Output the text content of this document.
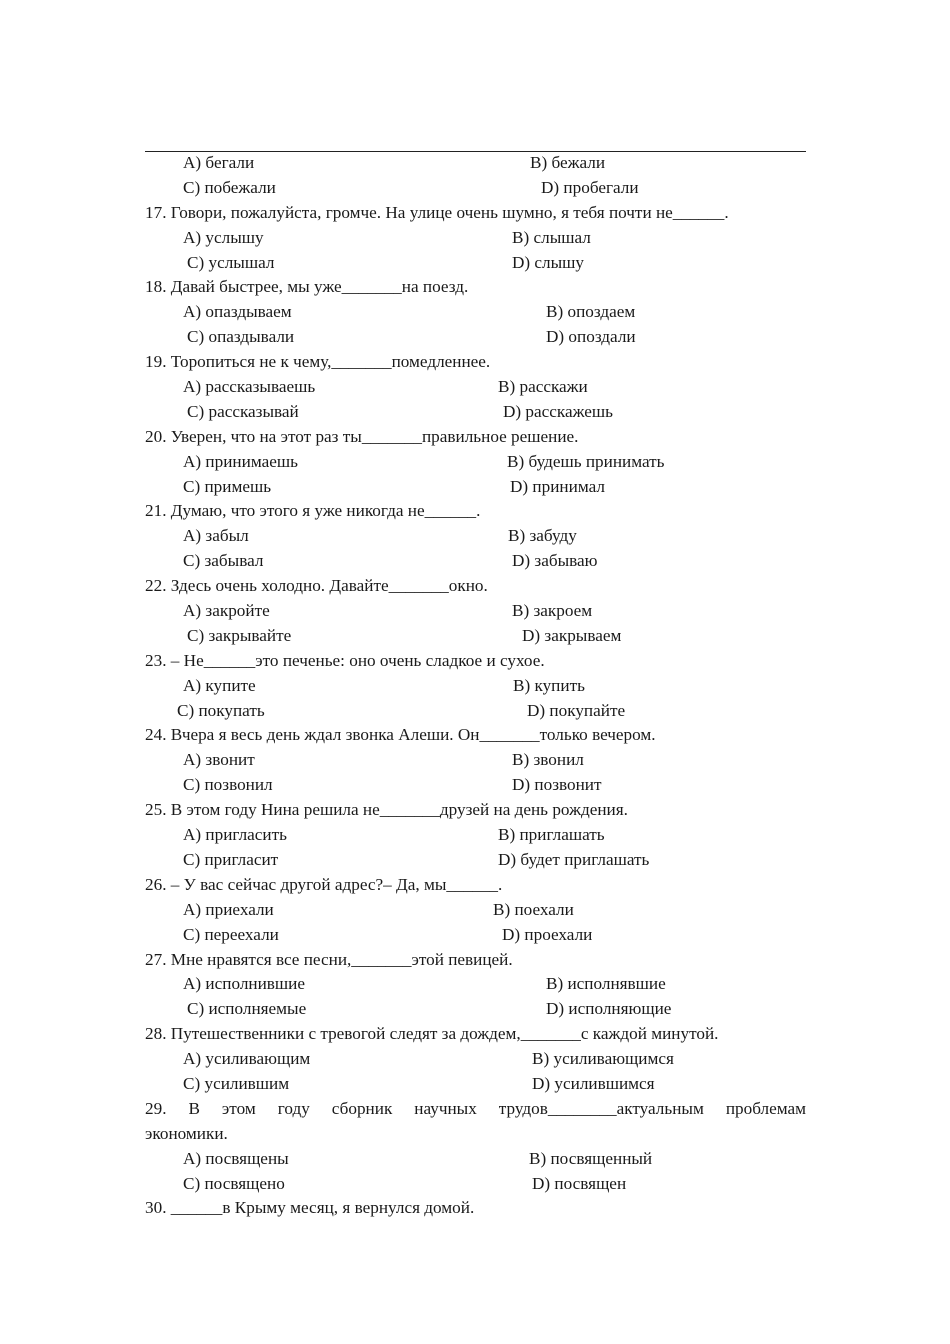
A) бегали	B) бежали
C) побежали	D) пробегали
17. Говори, пожалуйста, громче. На улице очень шумно, я тебя почти не______.
A) услышу	B) слышал
C) услышал	D) слышу
18. Давай быстрее, мы уже_______на поезд.
A) опаздываем	B) опоздаем
C) опаздывали	D) опоздали
19. Торопиться не к чему,_______помедленнее.
A) рассказываешь	B) расскажи
C) рассказывай	D) расскажешь
20. Уверен, что на этот раз ты_______правильное решение.
A) принимаешь	B) будешь принимать
C) примешь	D) принимал
21. Думаю, что этого я уже никогда не______.
A) забыл	B) забуду
C) забывал	D) забываю
22. Здесь очень холодно. Давайте_______окно.
A) закройте	B) закроем
C) закрывайте	D) закрываем
23. – Не______это печенье: оно очень сладкое и сухое.
A) купите	B) купить
C) покупать	D) покупайте
24. Вчера я весь день ждал звонка Алеши. Он_______только вечером.
A) звонит	B) звонил
C) позвонил	D) позвонит
25. В этом году Нина решила не_______друзей на день рождения.
A) пригласить	B) приглашать
C) пригласит	D) будет приглашать
26. – У вас сейчас другой адрес?– Да, мы______.
A) приехали	B) поехали
C) переехали	D) проехали
27. Мне нравятся все песни,_______этой певицей.
A) исполнившие	B) исполнявшие
C) исполняемые	D) исполняющие
28. Путешественники с тревогой следят за дождем,_______с каждой минутой.
A) усиливающим	B) усиливающимся
C) усилившим	D) усилившимся
29. В этом году сборник научных трудов________актуальным проблемам
экономики.
A) посвящены	B) посвященный
C) посвящено	D) посвящен
30. ______в Крыму месяц, я вернулся домой.
